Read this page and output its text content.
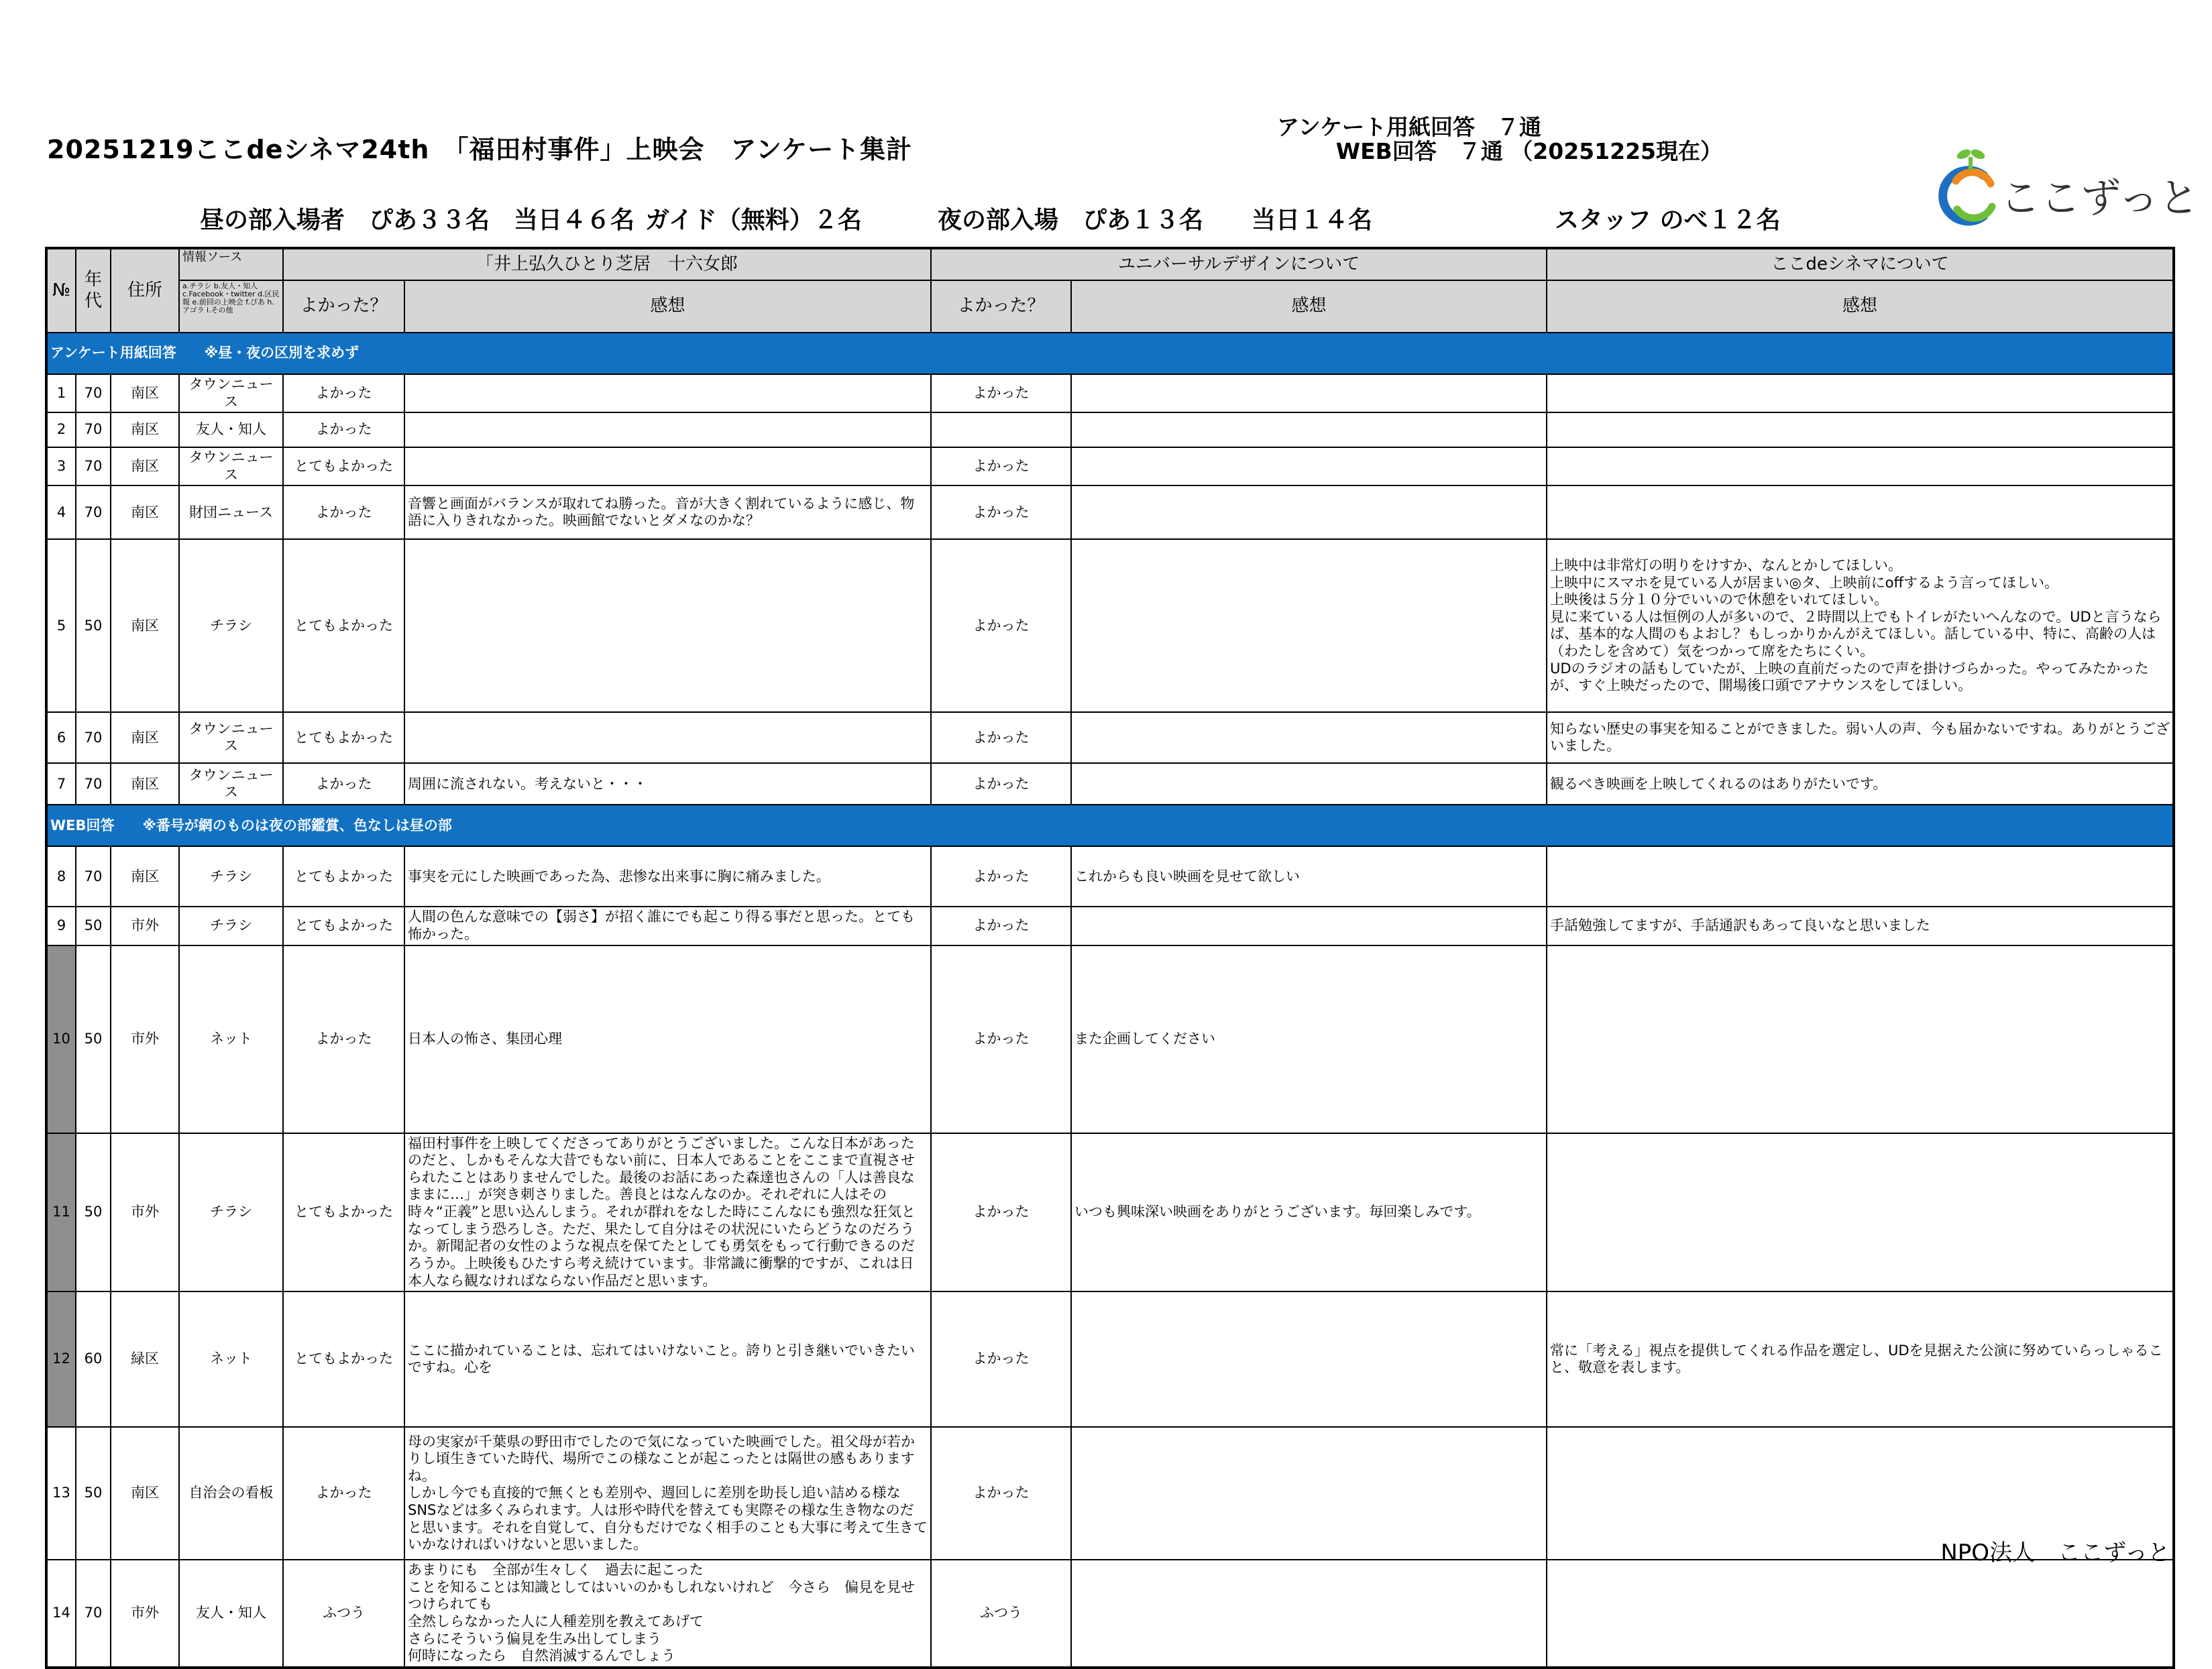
20251219ここdeシネマ24th　「福田村事件」上映会　アンケート集計
アンケート用紙回答　７通
WEB回答　７通 （20251225現在）
昼の部入場者　ぴあ３３名　当日４６名 ガイド（無料）２名	夜の部入場　ぴあ１３名　　当日１４名	スタッフ のべ１２名	ここずっと
№	年代	住所	情報ソース	「井上弘久ひとり芝居　十六女郎		ユニバーサルデザインについて		ここdeシネマについて

			a.チラシ b.友人・知人 c.Facebook・twitter d.区民報 e.前回の上映会 f.ぴあ h.アゴラ i.その他	よかった？	感想	よかった？	感想	感想
アンケート用紙回答　　※昼・夜の区別を求めず								
1	70	南区	タウンニュース	よかった		よかった		
2	70	南区	友人・知人	よかった				
3	70	南区	タウンニュース	とてもよかった		よかった		
4	70	南区	財団ニュース	よかった	音響と画面がバランスが取れてね勝った。音が大きく割れているように感じ、物語に入りきれなかった。映画館でないとダメなのかな？	よかった		
5	50	南区	チラシ	とてもよかった		よかった		上映中は非常灯の明りをけすか、なんとかしてほしい。
上映中にスマホを見ている人が居まい◎タ、上映前にoffするよう言ってほしい。
上映後は５分１０分でいいので休憩をいれてほしい。
見に来ている人は恒例の人が多いので、２時間以上でもトイレがたいへんなので。UDと言うならば、基本的な人間のもよおし？もしっかりかんがえてほしい。話している中、特に、高齢の人は（わたしを含めて）気をつかって席をたちにくい。
UDのラジオの話もしていたが、上映の直前だったので声を掛けづらかった。やってみたかったが、すぐ上映だったので、開場後口頭でアナウンスをしてほしい。
6	70	南区	タウンニュース	とてもよかった		よかった		知らない歴史の事実を知ることができました。弱い人の声、今も届かないですね。ありがとうございました。
7	70	南区	タウンニュース	よかった	周囲に流されない。考えないと・・・	よかった		観るべき映画を上映してくれるのはありがたいです。
WEB回答　　※番号が網のものは夜の部鑑賞、色なしは昼の部								
8	70	南区	チラシ	とてもよかった	事実を元にした映画であった為、悲惨な出来事に胸に痛みました。	よかった	これからも良い映画を見せて欲しい	
9	50	市外	チラシ	とてもよかった	人間の色んな意味での【弱さ】が招く誰にでも起こり得る事だと思った。とても怖かった。	よかった		手話勉強してますが、手話通訳もあって良いなと思いました
10	50	市外	ネット	よかった	日本人の怖さ、集団心理	よかった	また企画してください	
11	50	市外	チラシ	とてもよかった	福田村事件を上映してくださってありがとうございました。こんな日本があったのだと、しかもそんな大昔でもない前に、日本人であることをここまで直視させられたことはありませんでした。最後のお話にあった森達也さんの「人は善良なままに…」が突き刺さりました。善良とはなんなのか。それぞれに人はその時々“正義”と思い込んしまう。それが群れをなした時にこんなにも強烈な狂気となってしまう恐ろしさ。ただ、果たして自分はその状況にいたらどうなのだろうか。新聞記者の女性のような視点を保てたとしても勇気をもって行動できるのだろうか。上映後もひたすら考え続けています。非常識に衝撃的ですが、これは日本人なら観なければならない作品だと思います。	よかった	いつも興味深い映画をありがとうございます。毎回楽しみです。	
12	60	緑区	ネット	とてもよかった	ここに描かれていることは、忘れてはいけないこと。誇りと引き継いでいきたいですね。心を	よかった		常に「考える」視点を提供してくれる作品を選定し、UDを見据えた公演に努めていらっしゃること、敬意を表します。
13	50	南区	自治会の看板	よかった	母の実家が千葉県の野田市でしたので気になっていた映画でした。祖父母が若かりし頃生きていた時代、場所でこの様なことが起こったとは隔世の感もありますね。
しかし今でも直接的で無くとも差別や、週回しに差別を助長し追い詰める様なSNSなどは多くみられます。人は形や時代を替えても実際その様な生き物なのだと思います。それを自覚して、自分もだけでなく相手のことも大事に考えて生きていかなければいけないと思いました。	よかった		
14	70	市外	友人・知人	ふつう	あまりにも　全部が生々しく　過去に起こった
ことを知ることは知識としてはいいのかもしれないけれど　今さら　偏見を見せつけられても
全然しらなかった人に人種差別を教えてあげて
さらにそういう偏見を生み出してしまう
何時になったら　自然消滅するんでしょう	ふつう		
NPO法人　ここずっと
